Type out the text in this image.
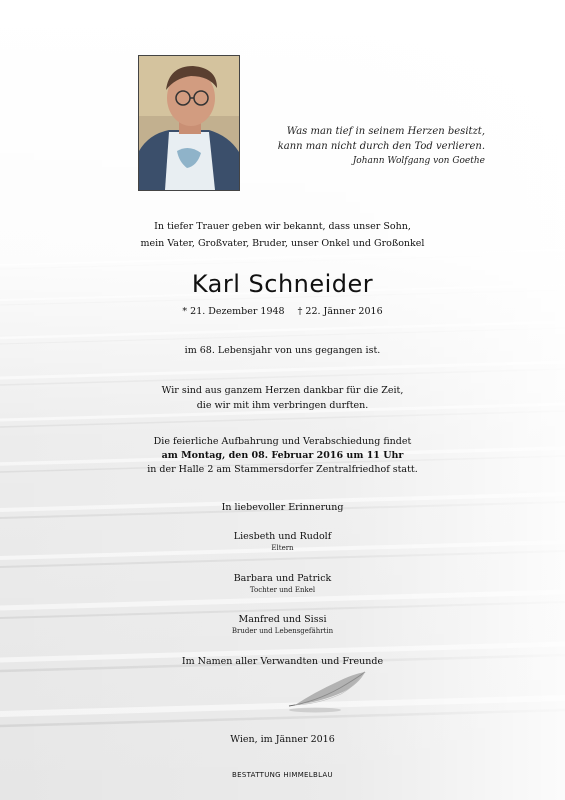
Was man tief in seinem Herzen besitzt,
kann man nicht durch den Tod verlieren.
Johann Wolfgang von Goethe
In tiefer Trauer geben wir bekannt, dass unser Sohn,
mein Vater, Großvater, Bruder, unser Onkel und Großonkel
Karl Schneider
* 21. Dezember 1948 † 22. Jänner 2016
im 68. Lebensjahr von uns gegangen ist.
Wir sind aus ganzem Herzen dankbar für die Zeit,
die wir mit ihm verbringen durften.
Die feierliche Aufbahrung und Verabschiedung findet
am Montag, den 08. Februar 2016 um 11 Uhr
in der Halle 2 am Stammersdorfer Zentralfriedhof statt.
In liebevoller Erinnerung
Liesbeth und Rudolf
Eltern
Barbara und Patrick
Tochter und Enkel
Manfred und Sissi
Bruder und Lebensgefährtin
Im Namen aller Verwandten und Freunde
Wien, im Jänner 2016
BESTATTUNG HIMMELBLAU
